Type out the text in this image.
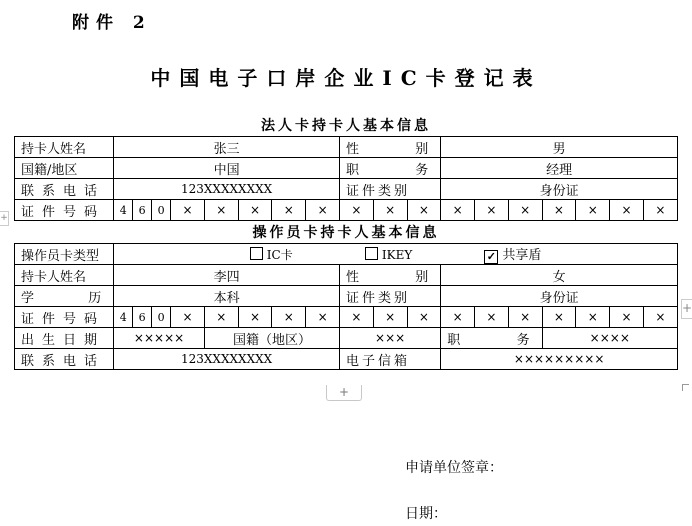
附件 2
中国电子口岸企业IC卡登记表
法人卡持卡人基本信息																		
持卡人姓名	张三								性别			男						
国籍/地区	中国								职务			经理						
联系电话	123XXXXXXXX								证件类别			身份证						
证件号码	4	6	0	×	×	×	×	×	×	×	×	×	×	×	×	×	×	×
操作员卡持卡人基本信息																		
操作员卡类型	IC卡 IKEY ✓ 共享盾																	
持卡人姓名	李四								性别			女						
学历	本科								证件类别			身份证						
证件号码	4	6	0	×	×	×	×	×	×	×	×	×	×	×	×	×	×	×
出生日期	×××××				国籍（地区）				×××			职务			××××			
联系电话	123XXXXXXXX								电子信箱			×××××××××						
+
+
+
申请单位签章：
日期：
